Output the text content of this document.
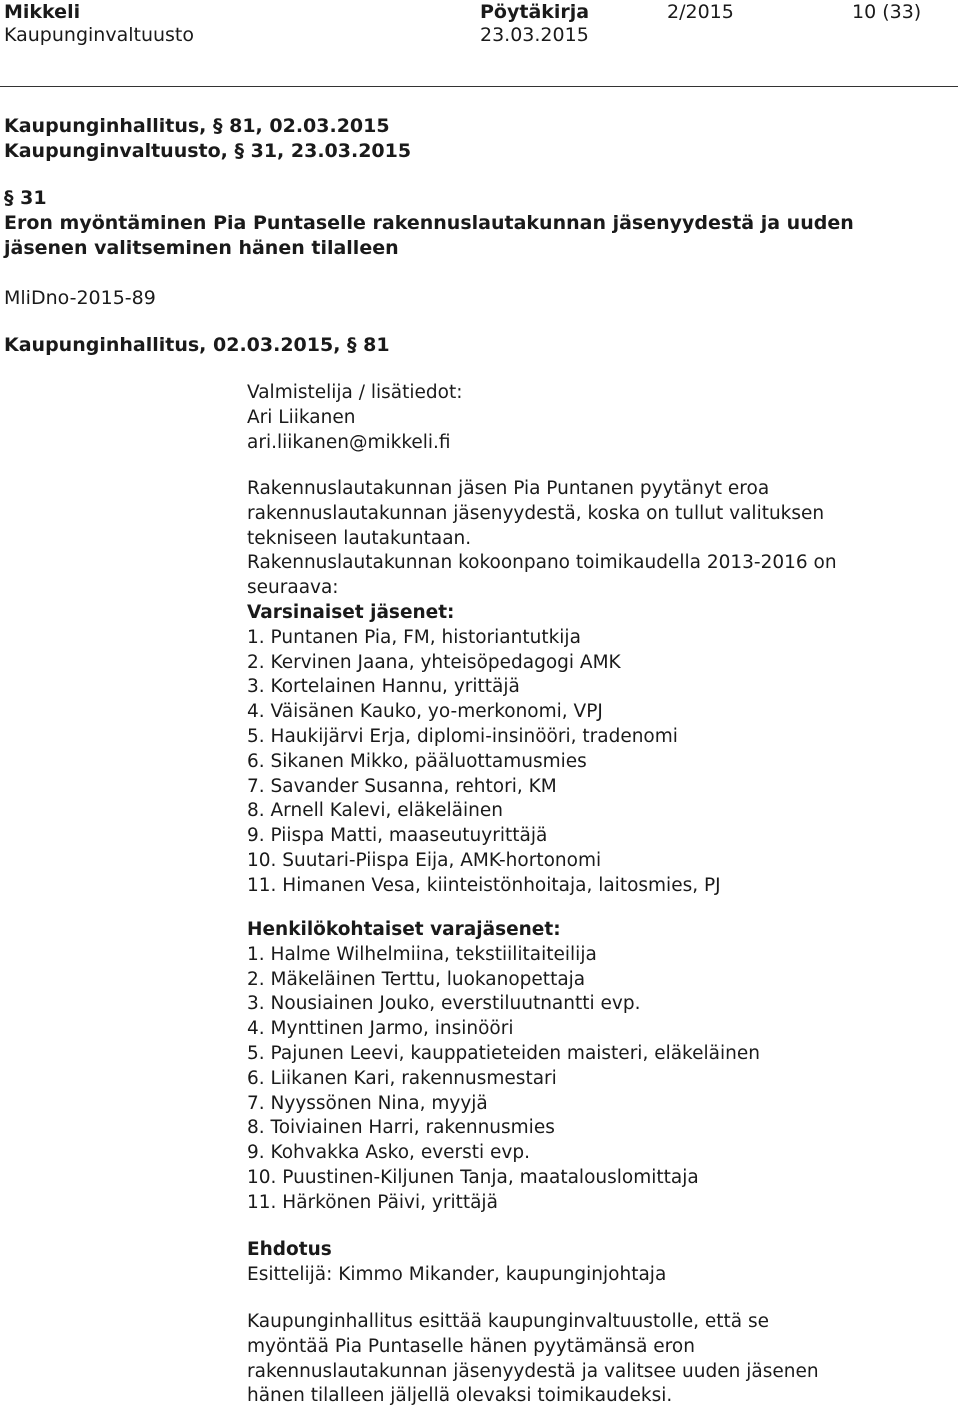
Mikkeli
Kaupunginvaltuusto
Pöytäkirja
23.03.2015
2/2015	10 (33)
Kaupunginhallitus, § 81, 02.03.2015
Kaupunginvaltuusto, § 31, 23.03.2015
§ 31
Eron myöntäminen Pia Puntaselle rakennuslautakunnan jäsenyydestä ja uuden jäsenen valitseminen hänen tilalleen
MliDno-2015-89
Kaupunginhallitus, 02.03.2015, § 81

Valmistelija / lisätiedot:

Ari Liikanen

ari.liikanen@mikkeli.fi

Rakennuslautakunnan jäsen Pia Puntanen pyytänyt eroa rakennuslautakunnan jäsenyydestä, koska on tullut valituksen tekniseen lautakuntaan.

Rakennuslautakunnan kokoonpano toimikaudella 2013-2016 on seuraava:

Varsinaiset jäsenet:

1. Puntanen Pia, FM, historiantutkija
2. Kervinen Jaana, yhteisöpedagogi AMK
3. Kortelainen Hannu, yrittäjä
4. Väisänen Kauko, yo-merkonomi, VPJ
5. Haukijärvi Erja, diplomi-insinööri, tradenomi
6. Sikanen Mikko, pääluottamusmies
7. Savander Susanna, rehtori, KM
8. Arnell Kalevi, eläkeläinen
9. Piispa Matti, maaseutuyrittäjä
10. Suutari-Piispa Eija, AMK-hortonomi
11. Himanen Vesa, kiinteistönhoitaja, laitosmies, PJ

Henkilökohtaiset varajäsenet:

1. Halme Wilhelmiina, tekstiilitaiteilija
2. Mäkeläinen Terttu, luokanopettaja
3. Nousiainen Jouko, everstiluutnantti evp.
4. Mynttinen Jarmo, insinööri
5. Pajunen Leevi, kauppatieteiden maisteri, eläkeläinen
6. Liikanen Kari, rakennusmestari
7. Nyyssönen Nina, myyjä
8. Toiviainen Harri, rakennusmies
9. Kohvakka Asko, eversti evp.
10. Puustinen-Kiljunen Tanja, maatalouslomittaja
11. Härkönen Päivi, yrittäjä

Ehdotus

Esittelijä: Kimmo Mikander, kaupunginjohtaja

Kaupunginhallitus esittää kaupunginvaltuustolle, että se myöntää Pia Puntaselle hänen pyytämänsä eron rakennuslautakunnan jäsenyydestä ja valitsee uuden jäsenen hänen tilalleen jäljellä olevaksi toimikaudeksi.
